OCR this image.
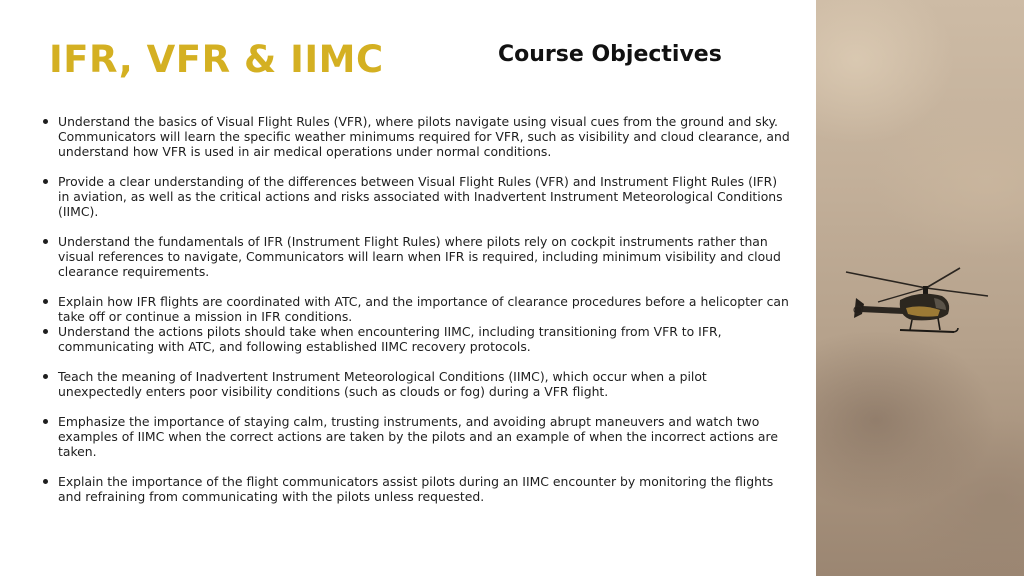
IFR, VFR & IIMC	Course Objectives
Understand the basics of Visual Flight Rules (VFR), where pilots navigate using visual cues from the ground and sky. Communicators will learn the specific weather minimums required for VFR, such as visibility and cloud clearance, and understand how VFR is used in air medical operations under normal conditions.
Provide a clear understanding of the differences between Visual Flight Rules (VFR) and Instrument Flight Rules (IFR) in aviation, as well as the critical actions and risks associated with Inadvertent Instrument Meteorological Conditions (IIMC).
Understand the fundamentals of IFR (Instrument Flight Rules) where pilots rely on cockpit instruments rather than visual references to navigate, Communicators will learn when IFR is required, including minimum visibility and cloud clearance requirements.
Explain how IFR flights are coordinated with ATC, and the importance of clearance procedures before a helicopter can take off or continue a mission in IFR conditions.
Understand the actions pilots should take when encountering IIMC, including transitioning from VFR to IFR, communicating with ATC, and following established IIMC recovery protocols.
Teach the meaning of Inadvertent Instrument Meteorological Conditions (IIMC), which occur when a pilot unexpectedly enters poor visibility conditions (such as clouds or fog) during a VFR flight.
Emphasize the importance of staying calm, trusting instruments, and avoiding abrupt maneuvers and watch two examples of IIMC when the correct actions are taken by the pilots and an example of when the incorrect actions are taken.
Explain the importance of the flight communicators assist pilots during an IIMC encounter by monitoring the flights and refraining from communicating with the pilots unless requested.
